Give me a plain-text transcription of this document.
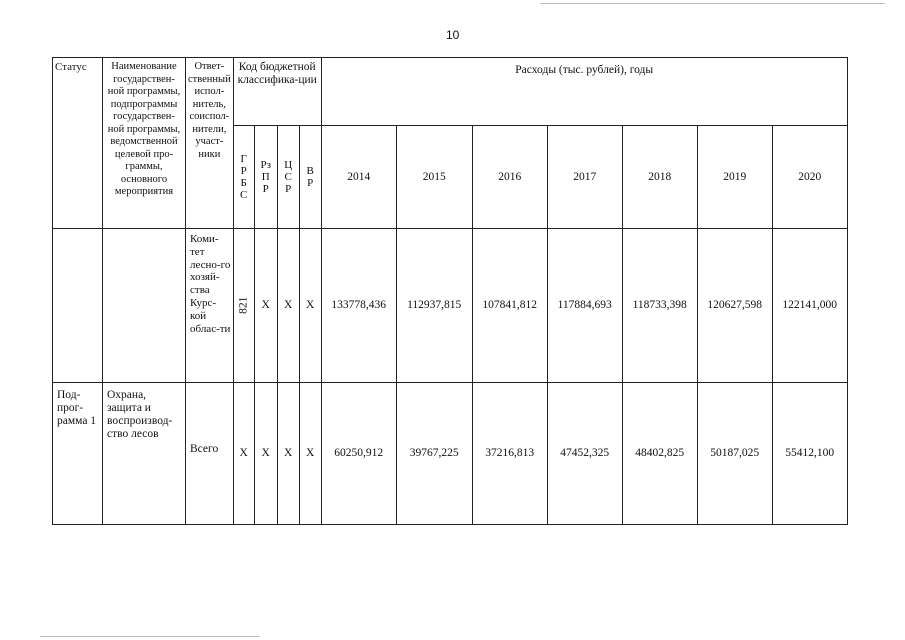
10
Статус	Наименование государствен-ной программы, подпрограммы государствен-ной программы, ведомственной целевой про-граммы, основного мероприятия	Ответ-ственный испол-нитель, соиспол-нители, участ-ники	Код бюджетной классифика-ции				Расходы (тыс. рублей), годы						
			ГРБС	РзПР	ЦСР	ВР	2014	2015	2016	2017	2018	2019	2020
		Коми-тет лесно-го хозяй-ства Курс-кой облас-ти	821	Х	Х	Х	133778,436	112937,815	107841,812	117884,693	118733,398	120627,598	122141,000
Под-прог-рамма 1	Охрана, защита и воспроизвод-ство лесов	Всего	Х	Х	Х	Х	60250,912	39767,225	37216,813	47452,325	48402,825	50187,025	55412,100
